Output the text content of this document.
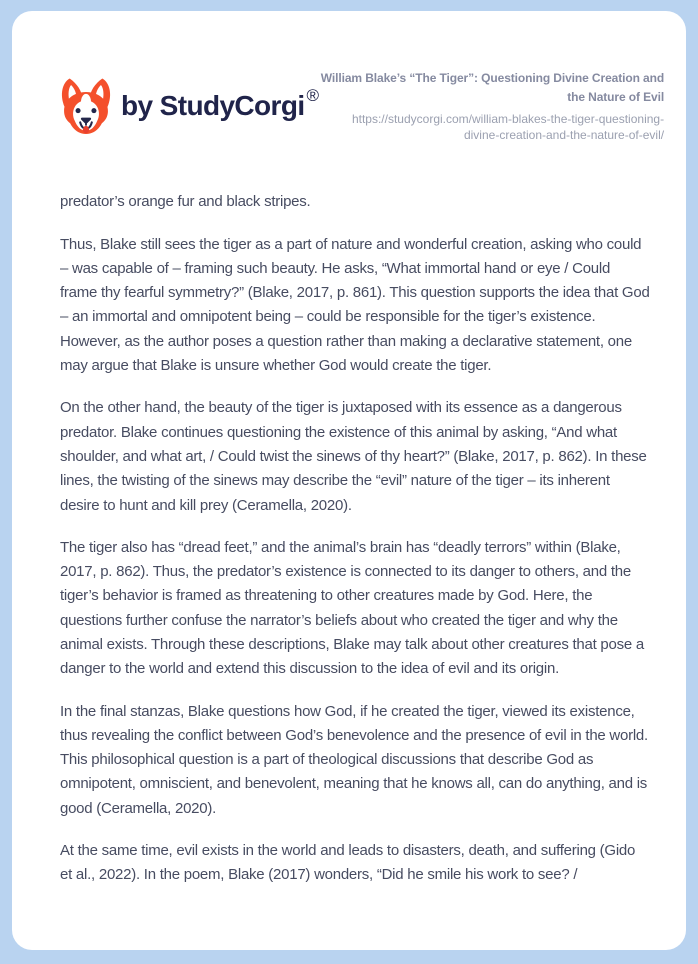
by StudyCorgi ®
William Blake’s “The Tiger”: Questioning Divine Creation and the Nature of Evil
https://studycorgi.com/william-blakes-the-tiger-questioning-divine-creation-and-the-nature-of-evil/

predator’s orange fur and black stripes.

Thus, Blake still sees the tiger as a part of nature and wonderful creation, asking who could – was capable of – framing such beauty. He asks, “What immortal hand or eye / Could frame thy fearful symmetry?” (Blake, 2017, p. 861). This question supports the idea that God – an immortal and omnipotent being – could be responsible for the tiger’s existence. However, as the author poses a question rather than making a declarative statement, one may argue that Blake is unsure whether God would create the tiger.

On the other hand, the beauty of the tiger is juxtaposed with its essence as a dangerous predator. Blake continues questioning the existence of this animal by asking, “And what shoulder, and what art, / Could twist the sinews of thy heart?” (Blake, 2017, p. 862). In these lines, the twisting of the sinews may describe the “evil” nature of the tiger – its inherent desire to hunt and kill prey (Ceramella, 2020).

The tiger also has “dread feet,” and the animal’s brain has “deadly terrors” within (Blake, 2017, p. 862). Thus, the predator’s existence is connected to its danger to others, and the tiger’s behavior is framed as threatening to other creatures made by God. Here, the questions further confuse the narrator’s beliefs about who created the tiger and why the animal exists. Through these descriptions, Blake may talk about other creatures that pose a danger to the world and extend this discussion to the idea of evil and its origin.

In the final stanzas, Blake questions how God, if he created the tiger, viewed its existence, thus revealing the conflict between God’s benevolence and the presence of evil in the world. This philosophical question is a part of theological discussions that describe God as omnipotent, omniscient, and benevolent, meaning that he knows all, can do anything, and is good (Ceramella, 2020).

At the same time, evil exists in the world and leads to disasters, death, and suffering (Gido et al., 2022). In the poem, Blake (2017) wonders, “Did he smile his work to see? /
